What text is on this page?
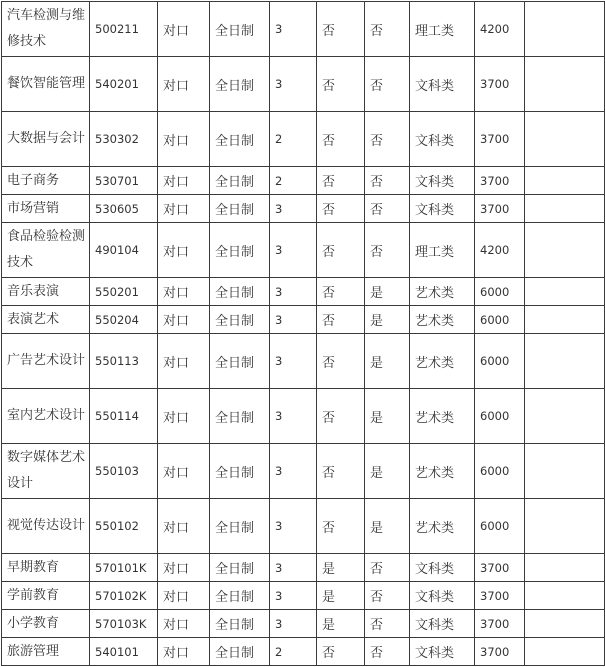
汽车检测与维修技术	500211	对口	全日制	3	否	否	理工类	4200	
餐饮智能管理	540201	对口	全日制	3	否	否	文科类	3700	
大数据与会计	530302	对口	全日制	2	否	否	文科类	3700	
电子商务	530701	对口	全日制	2	否	否	文科类	3700	
市场营销	530605	对口	全日制	3	否	否	文科类	3700	
食品检验检测技术	490104	对口	全日制	3	否	否	理工类	4200	
音乐表演	550201	对口	全日制	3	否	是	艺术类	6000	
表演艺术	550204	对口	全日制	3	否	是	艺术类	6000	
广告艺术设计	550113	对口	全日制	3	否	是	艺术类	6000	
室内艺术设计	550114	对口	全日制	3	否	是	艺术类	6000	
数字媒体艺术设计	550103	对口	全日制	3	否	是	艺术类	6000	
视觉传达设计	550102	对口	全日制	3	否	是	艺术类	6000	
早期教育	570101K	对口	全日制	3	是	否	文科类	3700	
学前教育	570102K	对口	全日制	3	是	否	文科类	3700	
小学教育	570103K	对口	全日制	3	是	否	文科类	3700	
旅游管理	540101	对口	全日制	2	否	否	文科类	3700	
